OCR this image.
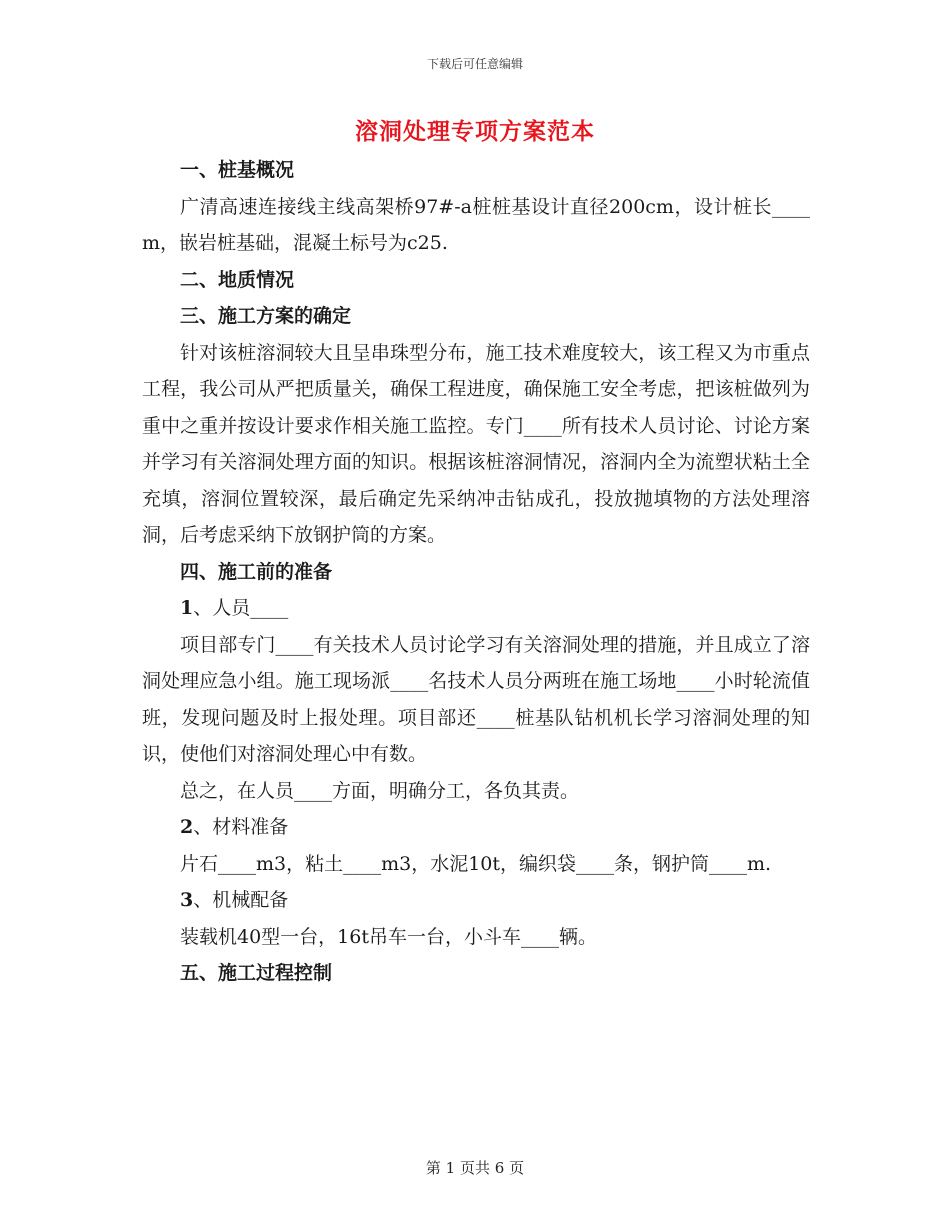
下载后可任意编辑
溶洞处理专项方案范本
一、桩基概况

广清高速连接线主线高架桥97#-a桩桩基设计直径200cm，设计桩长____m，嵌岩桩基础，混凝土标号为c25.

二、地质情况
三、施工方案的确定

针对该桩溶洞较大且呈串珠型分布，施工技术难度较大，该工程又为市重点工程，我公司从严把质量关，确保工程进度，确保施工安全考虑，把该桩做列为重中之重并按设计要求作相关施工监控。专门____所有技术人员讨论、讨论方案并学习有关溶洞处理方面的知识。根据该桩溶洞情况，溶洞内全为流塑状粘土全充填，溶洞位置较深，最后确定先采纳冲击钻成孔，投放抛填物的方法处理溶洞，后考虑采纳下放钢护筒的方案。

四、施工前的准备
1、人员____

项目部专门____有关技术人员讨论学习有关溶洞处理的措施，并且成立了溶洞处理应急小组。施工现场派____名技术人员分两班在施工场地____小时轮流值班，发现问题及时上报处理。项目部还____桩基队钻机机长学习溶洞处理的知识，使他们对溶洞处理心中有数。

总之，在人员____方面，明确分工，各负其责。

2、材料准备

片石____m3，粘土____m3，水泥10t，编织袋____条，钢护筒____m.

3、机械配备

装载机40型一台，16t吊车一台，小斗车____辆。

五、施工过程控制
第 1 页共 6 页
